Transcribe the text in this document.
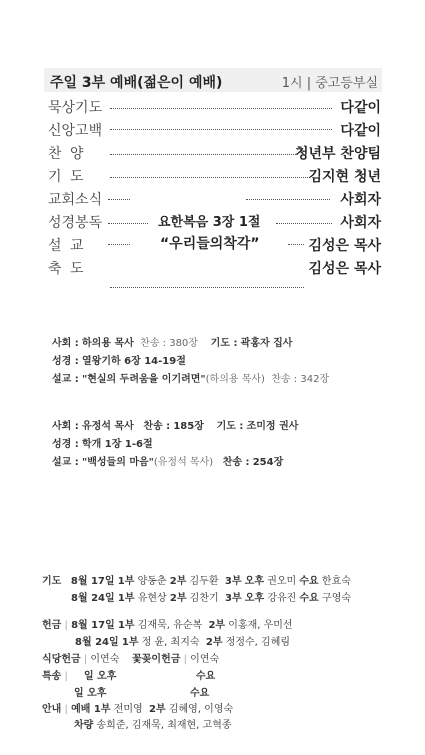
주일 3부 예배(젊은이 예배)	1시 | 중고등부실
묵상기도	다같이
신앙고백	다같이
찬 양	청년부 찬양팀
기 도	김지현 청년
교회소식	사회자
성경봉독	요한복음 3장 1절	사회자
설 교	“우리들의착각”	김성은 목사
축 도	김성은 목사
사회 : 하의용 목사 찬송 : 380장 기도 : 곽홍자 집사
성경 : 열왕기하 6장 14-19절
설교 : "현실의 두려움을 이기려면"(하의용 목사) 찬송 : 342장
사회 : 유정석 목사 찬송 : 185장 기도 : 조미정 권사
성경 : 학개 1장 1-6절
설교 : "백성들의 마음"(유정석 목사) 찬송 : 254장
기도 8월 17일 1부 양동춘 2부 김두환 3부 오후 권오미 수요 한효숙
8월 24일 1부 유현상 2부 김찬기 3부 오후 강유진 수요 구영숙
헌금 | 8월 17일 1부 김재묵, 유순복 2부 이홍재, 우미선
8월 24일 1부 정 윤, 최지숙 2부 정정수, 김혜림
식당헌금 | 이연숙 꽃꽂이헌금 | 이연숙
특송 | 일 오후	수요
일 오후	수요
안내 | 예배 1부 전미영 2부 김혜영, 이영숙
차량 송희준, 김재묵, 최재현, 고혁종
